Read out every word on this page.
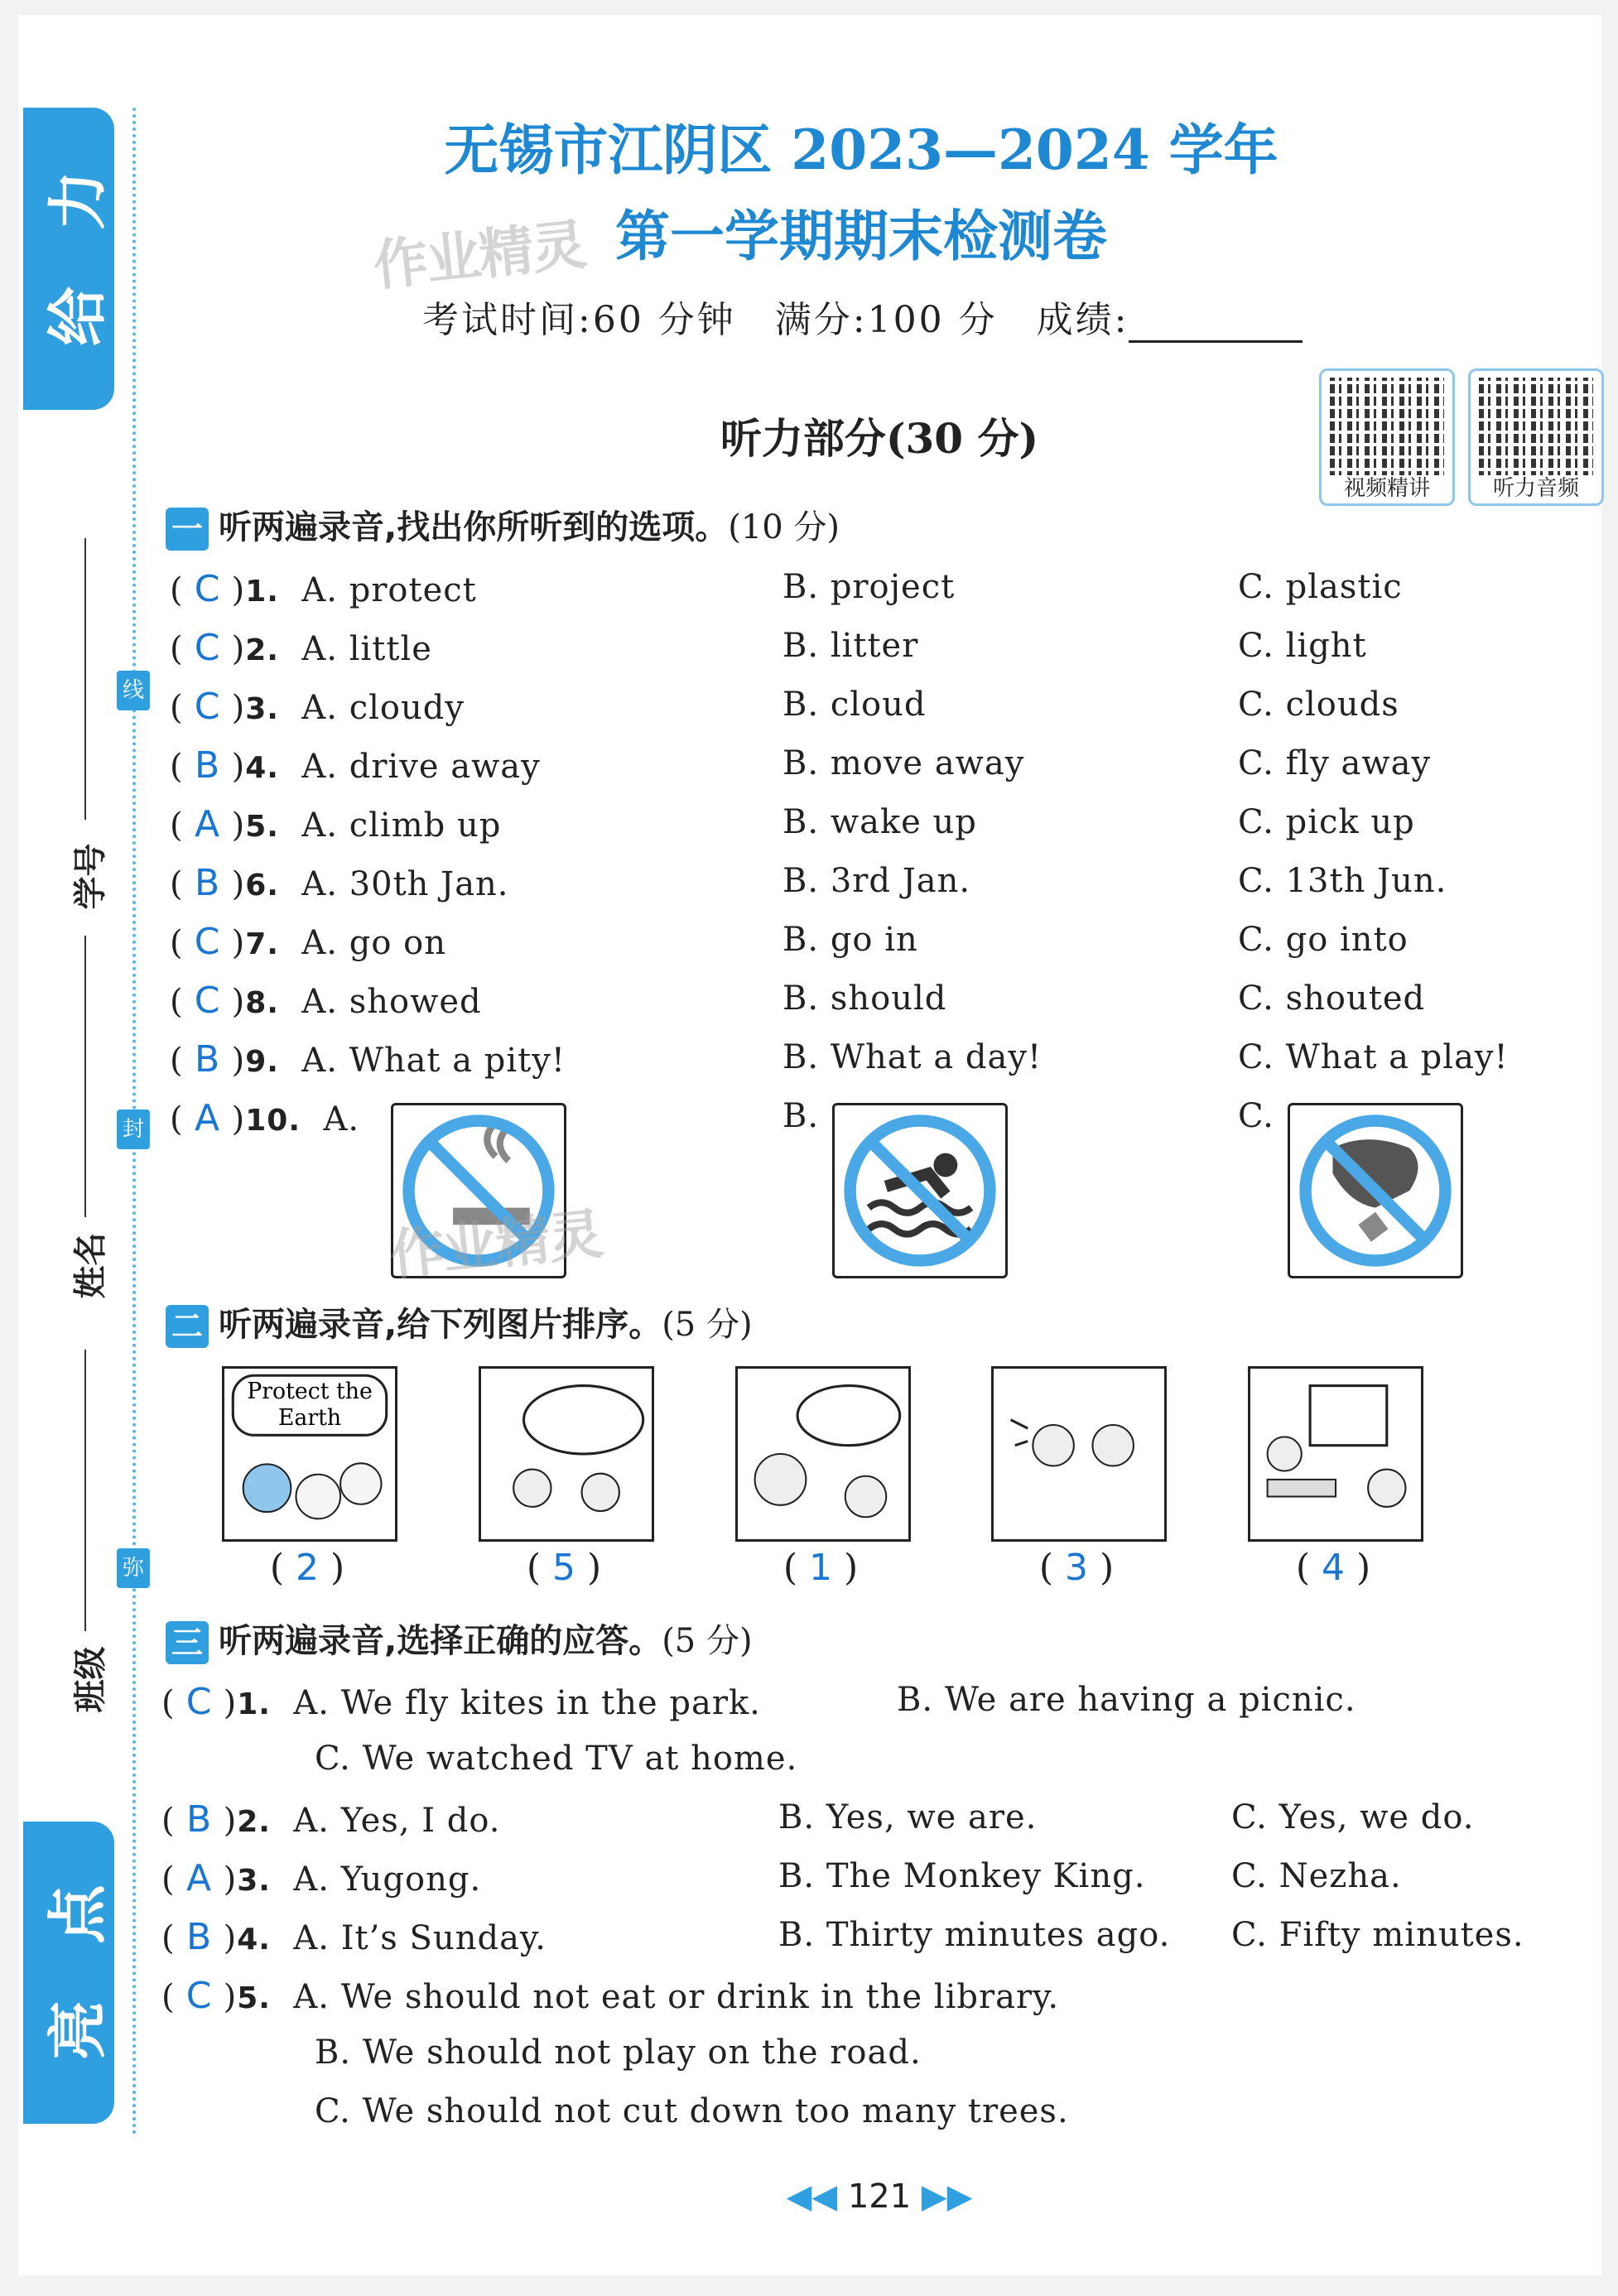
力
给
点
亮
线
封
弥
学号
姓名
班级
无锡市江阴区 2023—2024 学年
第一学期期末检测卷
作业精灵
考试时间:60 分钟　满分:100 分　成绩:
视频精讲	听力音频
听力部分(30 分)
一 听两遍录音,找出你所听到的选项。(10 分)
( C )1. A. protect	B. project	C. plastic
( C )2. A. little	B. litter	C. light
( C )3. A. cloudy	B. cloud	C. clouds
( B )4. A. drive away	B. move away	C. fly away
( A )5. A. climb up	B. wake up	C. pick up
( B )6. A. 30th Jan.	B. 3rd Jan.	C. 13th Jun.
( C )7. A. go on	B. go in	C. go into
( C )8. A. showed	B. should	C. shouted
( B )9. A. What a pity!	B. What a day!	C. What a play!
( A )10. A.	B.	C.
作业精灵
二 听两遍录音,给下列图片排序。(5 分)
Protect the
Earth
( 2 )	( 5 )	( 1 )	( 3 )	( 4 )
三 听两遍录音,选择正确的应答。(5 分)
( C )1. A. We fly kites in the park.	B. We are having a picnic.
C. We watched TV at home.
( B )2. A. Yes, I do.	B. Yes, we are.	C. Yes, we do.
( A )3. A. Yugong.	B. The Monkey King.	C. Nezha.
( B )4. A. It’s Sunday.	B. Thirty minutes ago. C. Fifty minutes.
( C )5. A. We should not eat or drink in the library.
B. We should not play on the road.
C. We should not cut down too many trees.
◀◀ 121 ▶▶
